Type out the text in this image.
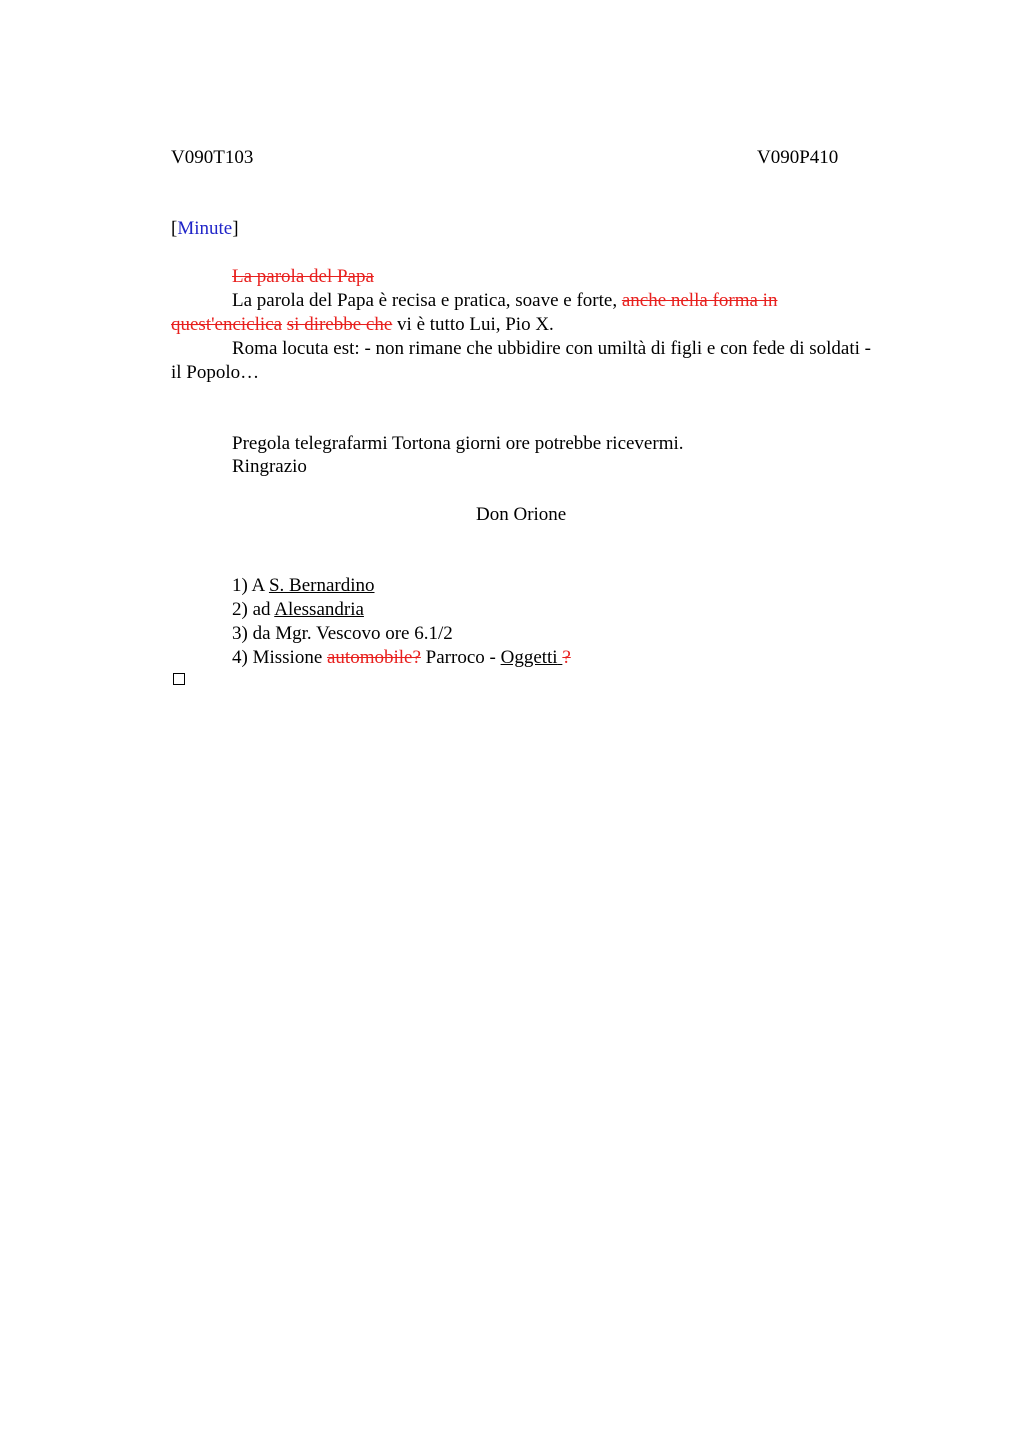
V090T103	V090P410
[Minute]
La parola del Papa
La parola del Papa è recisa e pratica, soave e forte, anche nella forma in
quest'enciclica si direbbe che vi è tutto Lui, Pio X.
Roma locuta est: - non rimane che ubbidire con umiltà di figli e con fede di soldati -
il Popolo…
Pregola telegrafarmi Tortona giorni ore potrebbe ricevermi.
Ringrazio
Don Orione
1) A S. Bernardino
2) ad Alessandria
3) da Mgr. Vescovo ore 6.1/2
4) Missione automobile? Parroco - Oggetti ?
